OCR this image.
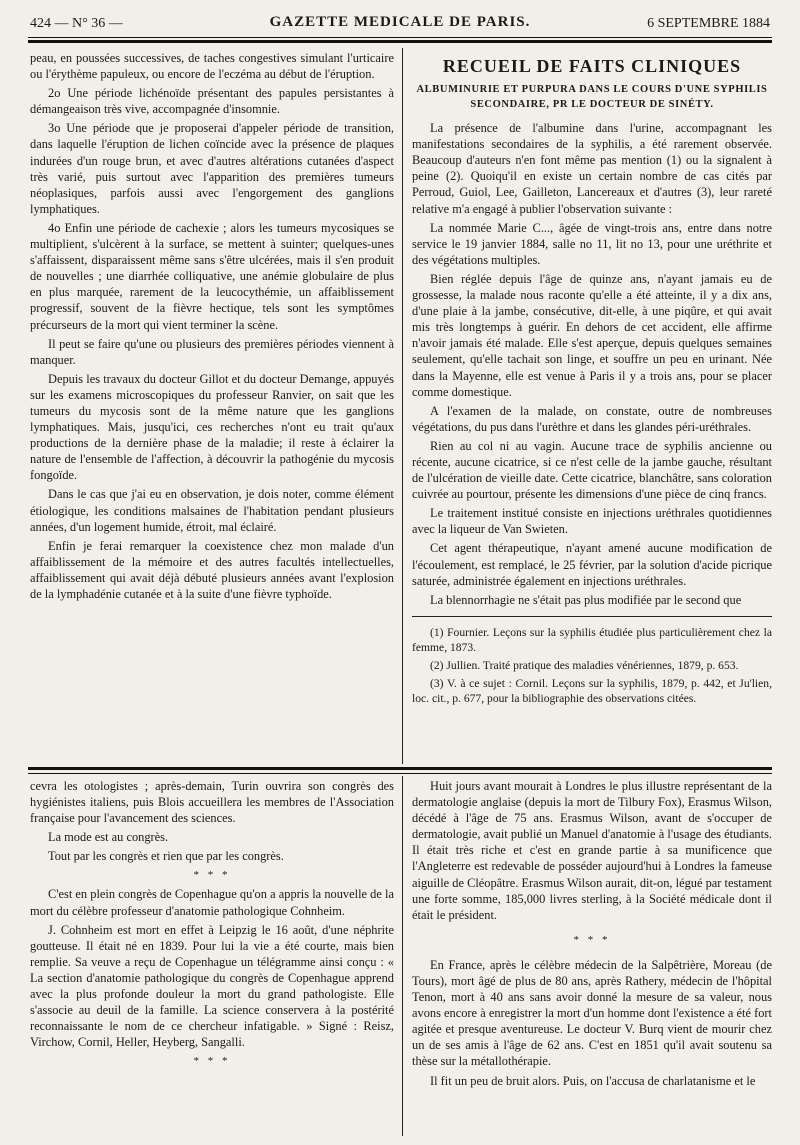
424 — N° 36 —	GAZETTE MEDICALE DE PARIS.	6 SEPTEMBRE 1884

peau, en poussées successives, de taches congestives simulant l'urticaire ou l'érythème papuleux, ou encore de l'eczéma au début de l'éruption.

2o Une période lichénoïde présentant des papules persistantes à démangeaison très vive, accompagnée d'insomnie.

3o Une période que je proposerai d'appeler période de transition, dans laquelle l'éruption de lichen coïncide avec la présence de plaques indurées d'un rouge brun, et avec d'autres altérations cutanées d'aspect très varié, puis surtout avec l'apparition des premières tumeurs néoplasiques, parfois aussi avec l'engorgement des ganglions lymphatiques.

4o Enfin une période de cachexie ; alors les tumeurs mycosiques se multiplient, s'ulcèrent à la surface, se mettent à suinter; quelques-unes s'affaissent, disparaissent même sans s'être ulcérées, mais il s'en produit de nouvelles ; une diarrhée colliquative, une anémie globulaire de plus en plus marquée, rarement de la leucocythémie, un affaiblissement progressif, souvent de la fièvre hectique, tels sont les symptômes précurseurs de la mort qui vient terminer la scène.

Il peut se faire qu'une ou plusieurs des premières périodes viennent à manquer.

Depuis les travaux du docteur Gillot et du docteur Demange, appuyés sur les examens microscopiques du professeur Ranvier, on sait que les tumeurs du mycosis sont de la même nature que les ganglions lymphatiques. Mais, jusqu'ici, ces recherches n'ont eu trait qu'aux productions de la dernière phase de la maladie; il reste à éclairer la nature de l'ensemble de l'affection, à découvrir la pathogénie du mycosis fongoïde.

Dans le cas que j'ai eu en observation, je dois noter, comme élément étiologique, les conditions malsaines de l'habitation pendant plusieurs années, d'un logement humide, étroit, mal éclairé.

Enfin je ferai remarquer la coexistence chez mon malade d'un affaiblissement de la mémoire et des autres facultés intellectuelles, affaiblissement qui avait déjà débuté plusieurs années avant l'explosion de la lymphadénie cutanée et à la suite d'une fièvre typhoïde.

RECUEIL DE FAITS CLINIQUES
ALBUMINURIE ET PURPURA DANS LE COURS D'UNE SYPHILIS SECONDAIRE, PR LE DOCTEUR DE SINÉTY.

La présence de l'albumine dans l'urine, accompagnant les manifestations secondaires de la syphilis, a été rarement observée. Beaucoup d'auteurs n'en font même pas mention (1) ou la signalent à peine (2). Quoiqu'il en existe un certain nombre de cas cités par Perroud, Guiol, Lee, Gailleton, Lancereaux et d'autres (3), leur rareté relative m'a engagé à publier l'observation suivante :

La nommée Marie C..., âgée de vingt-trois ans, entre dans notre service le 19 janvier 1884, salle no 11, lit no 13, pour une uréthrite et des végétations multiples.

Bien réglée depuis l'âge de quinze ans, n'ayant jamais eu de grossesse, la malade nous raconte qu'elle a été atteinte, il y a dix ans, d'une plaie à la jambe, consécutive, dit-elle, à une piqûre, et qui avait mis très longtemps à guérir. En dehors de cet accident, elle affirme n'avoir jamais été malade. Elle s'est aperçue, depuis quelques semaines seulement, qu'elle tachait son linge, et souffre un peu en urinant. Née dans la Mayenne, elle est venue à Paris il y a trois ans, pour se placer comme domestique.

A l'examen de la malade, on constate, outre de nombreuses végétations, du pus dans l'urèthre et dans les glandes péri-uréthrales.

Rien au col ni au vagin. Aucune trace de syphilis ancienne ou récente, aucune cicatrice, si ce n'est celle de la jambe gauche, résultant de l'ulcération de vieille date. Cette cicatrice, blanchâtre, sans coloration cuivrée au pourtour, présente les dimensions d'une pièce de cinq francs.

Le traitement institué consiste en injections uréthrales quotidiennes avec la liqueur de Van Swieten.

Cet agent thérapeutique, n'ayant amené aucune modification de l'écoulement, est remplacé, le 25 février, par la solution d'acide picrique saturée, administrée également en injections uréthrales.

La blennorrhagie ne s'était pas plus modifiée par le second que

(1) Fournier. Leçons sur la syphilis étudiée plus particulièrement chez la femme, 1873.

(2) Jullien. Traité pratique des maladies vénériennes, 1879, p. 653.

(3) V. à ce sujet : Cornil. Leçons sur la syphilis, 1879, p. 442, et Ju'lien, loc. cit., p. 677, pour la bibliographie des observations citées.

cevra les otologistes ; après-demain, Turin ouvrira son congrès des hygiénistes italiens, puis Blois accueillera les membres de l'Association française pour l'avancement des sciences.

La mode est au congrès.

Tout par les congrès et rien que par les congrès.

* * *

C'est en plein congrès de Copenhague qu'on a appris la nouvelle de la mort du célèbre professeur d'anatomie pathologique Cohnheim.

J. Cohnheim est mort en effet à Leipzig le 16 août, d'une néphrite goutteuse. Il était né en 1839. Pour lui la vie a été courte, mais bien remplie. Sa veuve a reçu de Copenhague un télégramme ainsi conçu : « La section d'anatomie pathologique du congrès de Copenhague apprend avec la plus profonde douleur la mort du grand pathologiste. Elle s'associe au deuil de la famille. La science conservera à la postérité reconnaissante le nom de ce chercheur infatigable. » Signé : Reisz, Virchow, Cornil, Heller, Heyberg, Sangalli.

* * *

Huit jours avant mourait à Londres le plus illustre représentant de la dermatologie anglaise (depuis la mort de Tilbury Fox), Erasmus Wilson, décédé à l'âge de 75 ans. Erasmus Wilson, avant de s'occuper de dermatologie, avait publié un Manuel d'anatomie à l'usage des étudiants. Il était très riche et c'est en grande partie à sa munificence que l'Angleterre est redevable de posséder aujourd'hui à Londres la fameuse aiguille de Cléopâtre. Erasmus Wilson aurait, dit-on, légué par testament une forte somme, 185,000 livres sterling, à la Société médicale dont il était le président.

* * *

En France, après le célèbre médecin de la Salpêtrière, Moreau (de Tours), mort âgé de plus de 80 ans, après Rathery, médecin de l'hôpital Tenon, mort à 40 ans sans avoir donné la mesure de sa valeur, nous avons encore à enregistrer la mort d'un homme dont l'existence a été fort agitée et presque aventureuse. Le docteur V. Burq vient de mourir chez un de ses amis à l'âge de 62 ans. C'est en 1851 qu'il avait soutenu sa thèse sur la métallothérapie.

Il fit un peu de bruit alors. Puis, on l'accusa de charlatanisme et le
